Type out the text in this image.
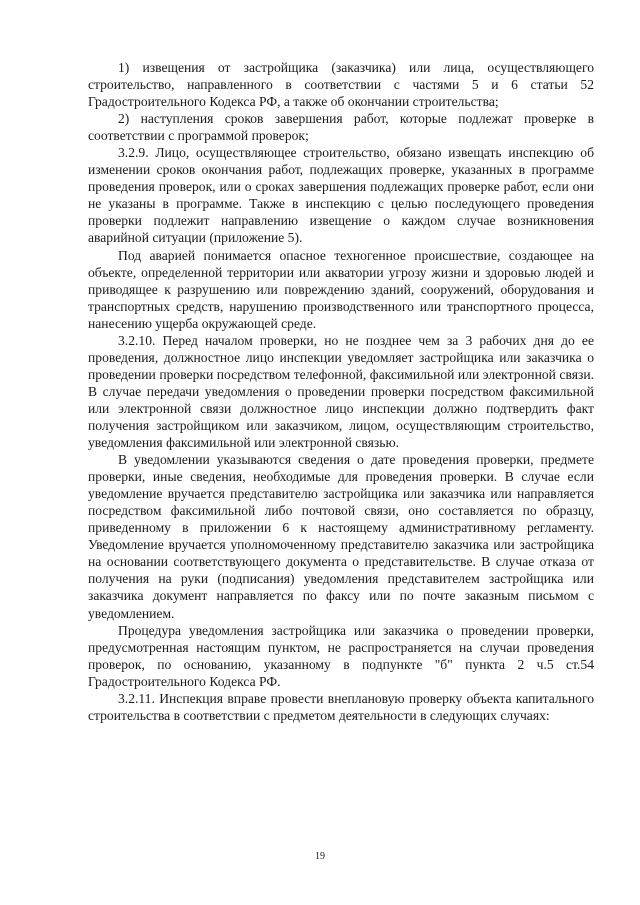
1) извещения от застройщика (заказчика) или лица, осуществляющего строительство, направленного в соответствии с частями 5 и 6 статьи 52 Градостроительного Кодекса РФ, а также об окончании строительства;

2) наступления сроков завершения работ, которые подлежат проверке в соответствии с программой проверок;

3.2.9. Лицо, осуществляющее строительство, обязано извещать инспекцию об изменении сроков окончания работ, подлежащих проверке, указанных в программе проведения проверок, или о сроках завершения подлежащих проверке работ, если они не указаны в программе. Также в инспекцию с целью последующего проведения проверки подлежит направлению извещение о каждом случае возникновения аварийной ситуации (приложение 5).

Под аварией понимается опасное техногенное происшествие, создающее на объекте, определенной территории или акватории угрозу жизни и здоровью людей и приводящее к разрушению или повреждению зданий, сооружений, оборудования и транспортных средств, нарушению производственного или транспортного процесса, нанесению ущерба окружающей среде.

3.2.10. Перед началом проверки, но не позднее чем за 3 рабочих дня до ее проведения, должностное лицо инспекции уведомляет застройщика или заказчика о проведении проверки посредством телефонной, факсимильной или электронной связи. В случае передачи уведомления о проведении проверки посредством факсимильной или электронной связи должностное лицо инспекции должно подтвердить факт получения застройщиком или заказчиком, лицом, осуществляющим строительство, уведомления факсимильной или электронной связью.

В уведомлении указываются сведения о дате проведения проверки, предмете проверки, иные сведения, необходимые для проведения проверки. В случае если уведомление вручается представителю застройщика или заказчика или направляется посредством факсимильной либо почтовой связи, оно составляется по образцу, приведенному в приложении 6 к настоящему административному регламенту. Уведомление вручается уполномоченному представителю заказчика или застройщика на основании соответствующего документа о представительстве. В случае отказа от получения на руки (подписания) уведомления представителем застройщика или заказчика документ направляется по факсу или по почте заказным письмом с уведомлением.

Процедура уведомления застройщика или заказчика о проведении проверки, предусмотренная настоящим пунктом, не распространяется на случаи проведения проверок, по основанию, указанному в подпункте "б" пункта 2 ч.5 ст.54 Градостроительного Кодекса РФ.

3.2.11. Инспекция вправе провести внеплановую проверку объекта капитального строительства в соответствии с предметом деятельности в следующих случаях:

19
